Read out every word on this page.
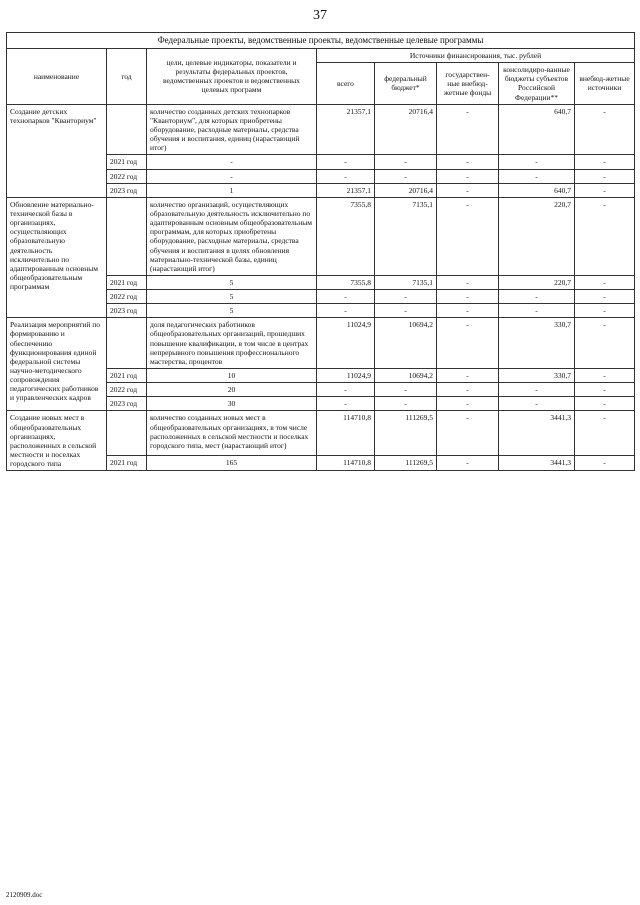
37
Федеральные проекты, ведомственные проекты, ведомственные целевые программы							
наименование	год	цели, целевые индикаторы, показатели и результаты федеральных проектов, ведомственных проектов и ведомственных целевых программ	Источники финансирования, тыс. рублей				
			всего	федеральный бюджет*	государствен-ные внебюд-жетные фонды	консолидиро-ванные бюджеты субъектов Российской Федерации**	внебюд-жетные источники
Создание детских технопарков "Кванториум"		количество созданных детских технопарков "Кванториум", для которых приобретены оборудование, расходные материалы, средства обучения и воспитания, единиц (нарастающий итог)	21357,1	20716,4	-	640,7	-
	2021 год	-	-	-	-	-	-
	2022 год	-	-	-	-	-	-
	2023 год	1	21357,1	20716,4	-	640,7	-
Обновление материально-технической базы в организациях, осуществляющих образовательную деятельность исключительно по адаптированным основным общеобразовательным программам		количество организаций, осуществляющих образовательную деятельность исключительно по адаптированным основным общеобразовательным программам, для которых приобретены оборудование, расходные материалы, средства обучения и воспитания в целях обновления материально-технической базы, единиц (нарастающий итог)	7355,8	7135,1	-	220,7	-
	2021 год	5	7355,8	7135,1	-	220,7	-
	2022 год	5	-	-	-	-	-
	2023 год	5	-	-	-	-	-
Реализация мероприятий по формированию и обеспечению функционирования единой федеральной системы научно-методического сопровождения педагогических работников и управленческих кадров		доля педагогических работников общеобразовательных организаций, прошедших повышение квалификации, в том числе в центрах непрерывного повышения профессионального мастерства, процентов	11024,9	10694,2	-	330,7	-
	2021 год	10	11024,9	10694,2	-	330,7	-
	2022 год	20	-	-	-	-	-
	2023 год	30	-	-	-	-	-
Создание новых мест в общеобразовательных организациях, расположенных в сельской местности и поселках городского типа		количество созданных новых мест в общеобразовательных организациях, в том числе расположенных в сельской местности и поселках городского типа, мест (нарастающий итог)	114710,8	111269,5	-	3441,3	-
	2021 год	165	114710,8	111269,5	-	3441,3	-
2120909.doc
